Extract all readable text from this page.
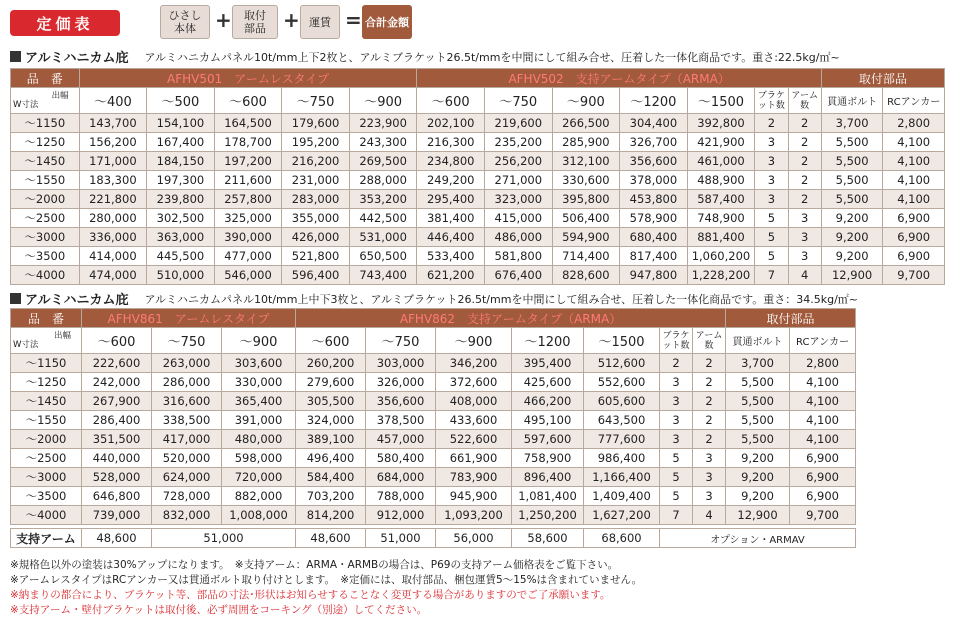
定価表	ひさし本体 + 取付部品 + 運賃 = 合計金額
アルミハニカム庇 アルミハニカムパネル10t/mm上下2枚と、アルミブラケット26.5t/mmを中間にして組み合せ、圧着した一体化商品です。重さ:22.5kg/㎡~
品　番	AFHV501　アームレスタイプ					AFHV502　支持アームタイプ（ARMA）							取付部品	

出幅
W寸法	～400	～500	～600	～750	～900	～600	～750	～900	～1200	～1500	ブラケット数	アーム数	貫通ボルト	RCアンカー
～1150	143,700	154,100	164,500	179,600	223,900	202,100	219,600	266,500	304,400	392,800	2	2	3,700	2,800
～1250	156,200	167,400	178,700	195,200	243,300	216,300	235,200	285,900	326,700	421,900	3	2	5,500	4,100
～1450	171,000	184,150	197,200	216,200	269,500	234,800	256,200	312,100	356,600	461,000	3	2	5,500	4,100
～1550	183,300	197,300	211,600	231,000	288,000	249,200	271,000	330,600	378,000	488,900	3	2	5,500	4,100
～2000	221,800	239,800	257,800	283,000	353,200	295,400	323,000	395,800	453,800	587,400	3	2	5,500	4,100
～2500	280,000	302,500	325,000	355,000	442,500	381,400	415,000	506,400	578,900	748,900	5	3	9,200	6,900
～3000	336,000	363,000	390,000	426,000	531,000	446,400	486,000	594,900	680,400	881,400	5	3	9,200	6,900
～3500	414,000	445,500	477,000	521,800	650,500	533,400	581,800	714,400	817,400	1,060,200	5	3	9,200	6,900
～4000	474,000	510,000	546,000	596,400	743,400	621,200	676,400	828,600	947,800	1,228,200	7	4	12,900	9,700
アルミハニカム庇 アルミハニカムパネル10t/mm上中下3枚と、アルミブラケット26.5t/mmを中間にして組み合せ、圧着した一体化商品です。重さ：34.5kg/㎡~
品　番	AFHV861　アームレスタイプ			AFHV862　支持アームタイプ（ARMA）							取付部品	

出幅
W寸法	～600	～750	～900	～600	～750	～900	～1200	～1500	ブラケット数	アーム数	貫通ボルト	RCアンカー
～1150	222,600	263,000	303,600	260,200	303,000	346,200	395,400	512,600	2	2	3,700	2,800
～1250	242,000	286,000	330,000	279,600	326,000	372,600	425,600	552,600	3	2	5,500	4,100
～1450	267,900	316,600	365,400	305,500	356,600	408,000	466,200	605,600	3	2	5,500	4,100
～1550	286,400	338,500	391,000	324,000	378,500	433,600	495,100	643,500	3	2	5,500	4,100
～2000	351,500	417,000	480,000	389,100	457,000	522,600	597,600	777,600	3	2	5,500	4,100
～2500	440,000	520,000	598,000	496,400	580,400	661,900	758,900	986,400	5	3	9,200	6,900
～3000	528,000	624,000	720,000	584,400	684,000	783,900	896,400	1,166,400	5	3	9,200	6,900
～3500	646,800	728,000	882,000	703,200	788,000	945,900	1,081,400	1,409,400	5	3	9,200	6,900
～4000	739,000	832,000	1,008,000	814,200	912,000	1,093,200	1,250,200	1,627,200	7	4	12,900	9,700
支持アーム	48,600	51,000	48,600	51,000	56,000	58,600	68,600	オプション・ARMAV
※規格色以外の塗装は30%アップになります。　※支持アーム：ARMA・ARMBの場合は、P69の支持アーム価格表をご覧下さい。
※アームレスタイプはRCアンカー又は貫通ボルト取り付けとします。　※定価には、取付部品、梱包運賃5～15%は含まれていません。
※納まりの都合により、ブラケット等、部品の寸法･形状はお知らせすることなく変更する場合がありますのでご了承願います。
※支持アーム・壁付ブラケットは取付後、必ず周囲をコーキング（別途）してください。
